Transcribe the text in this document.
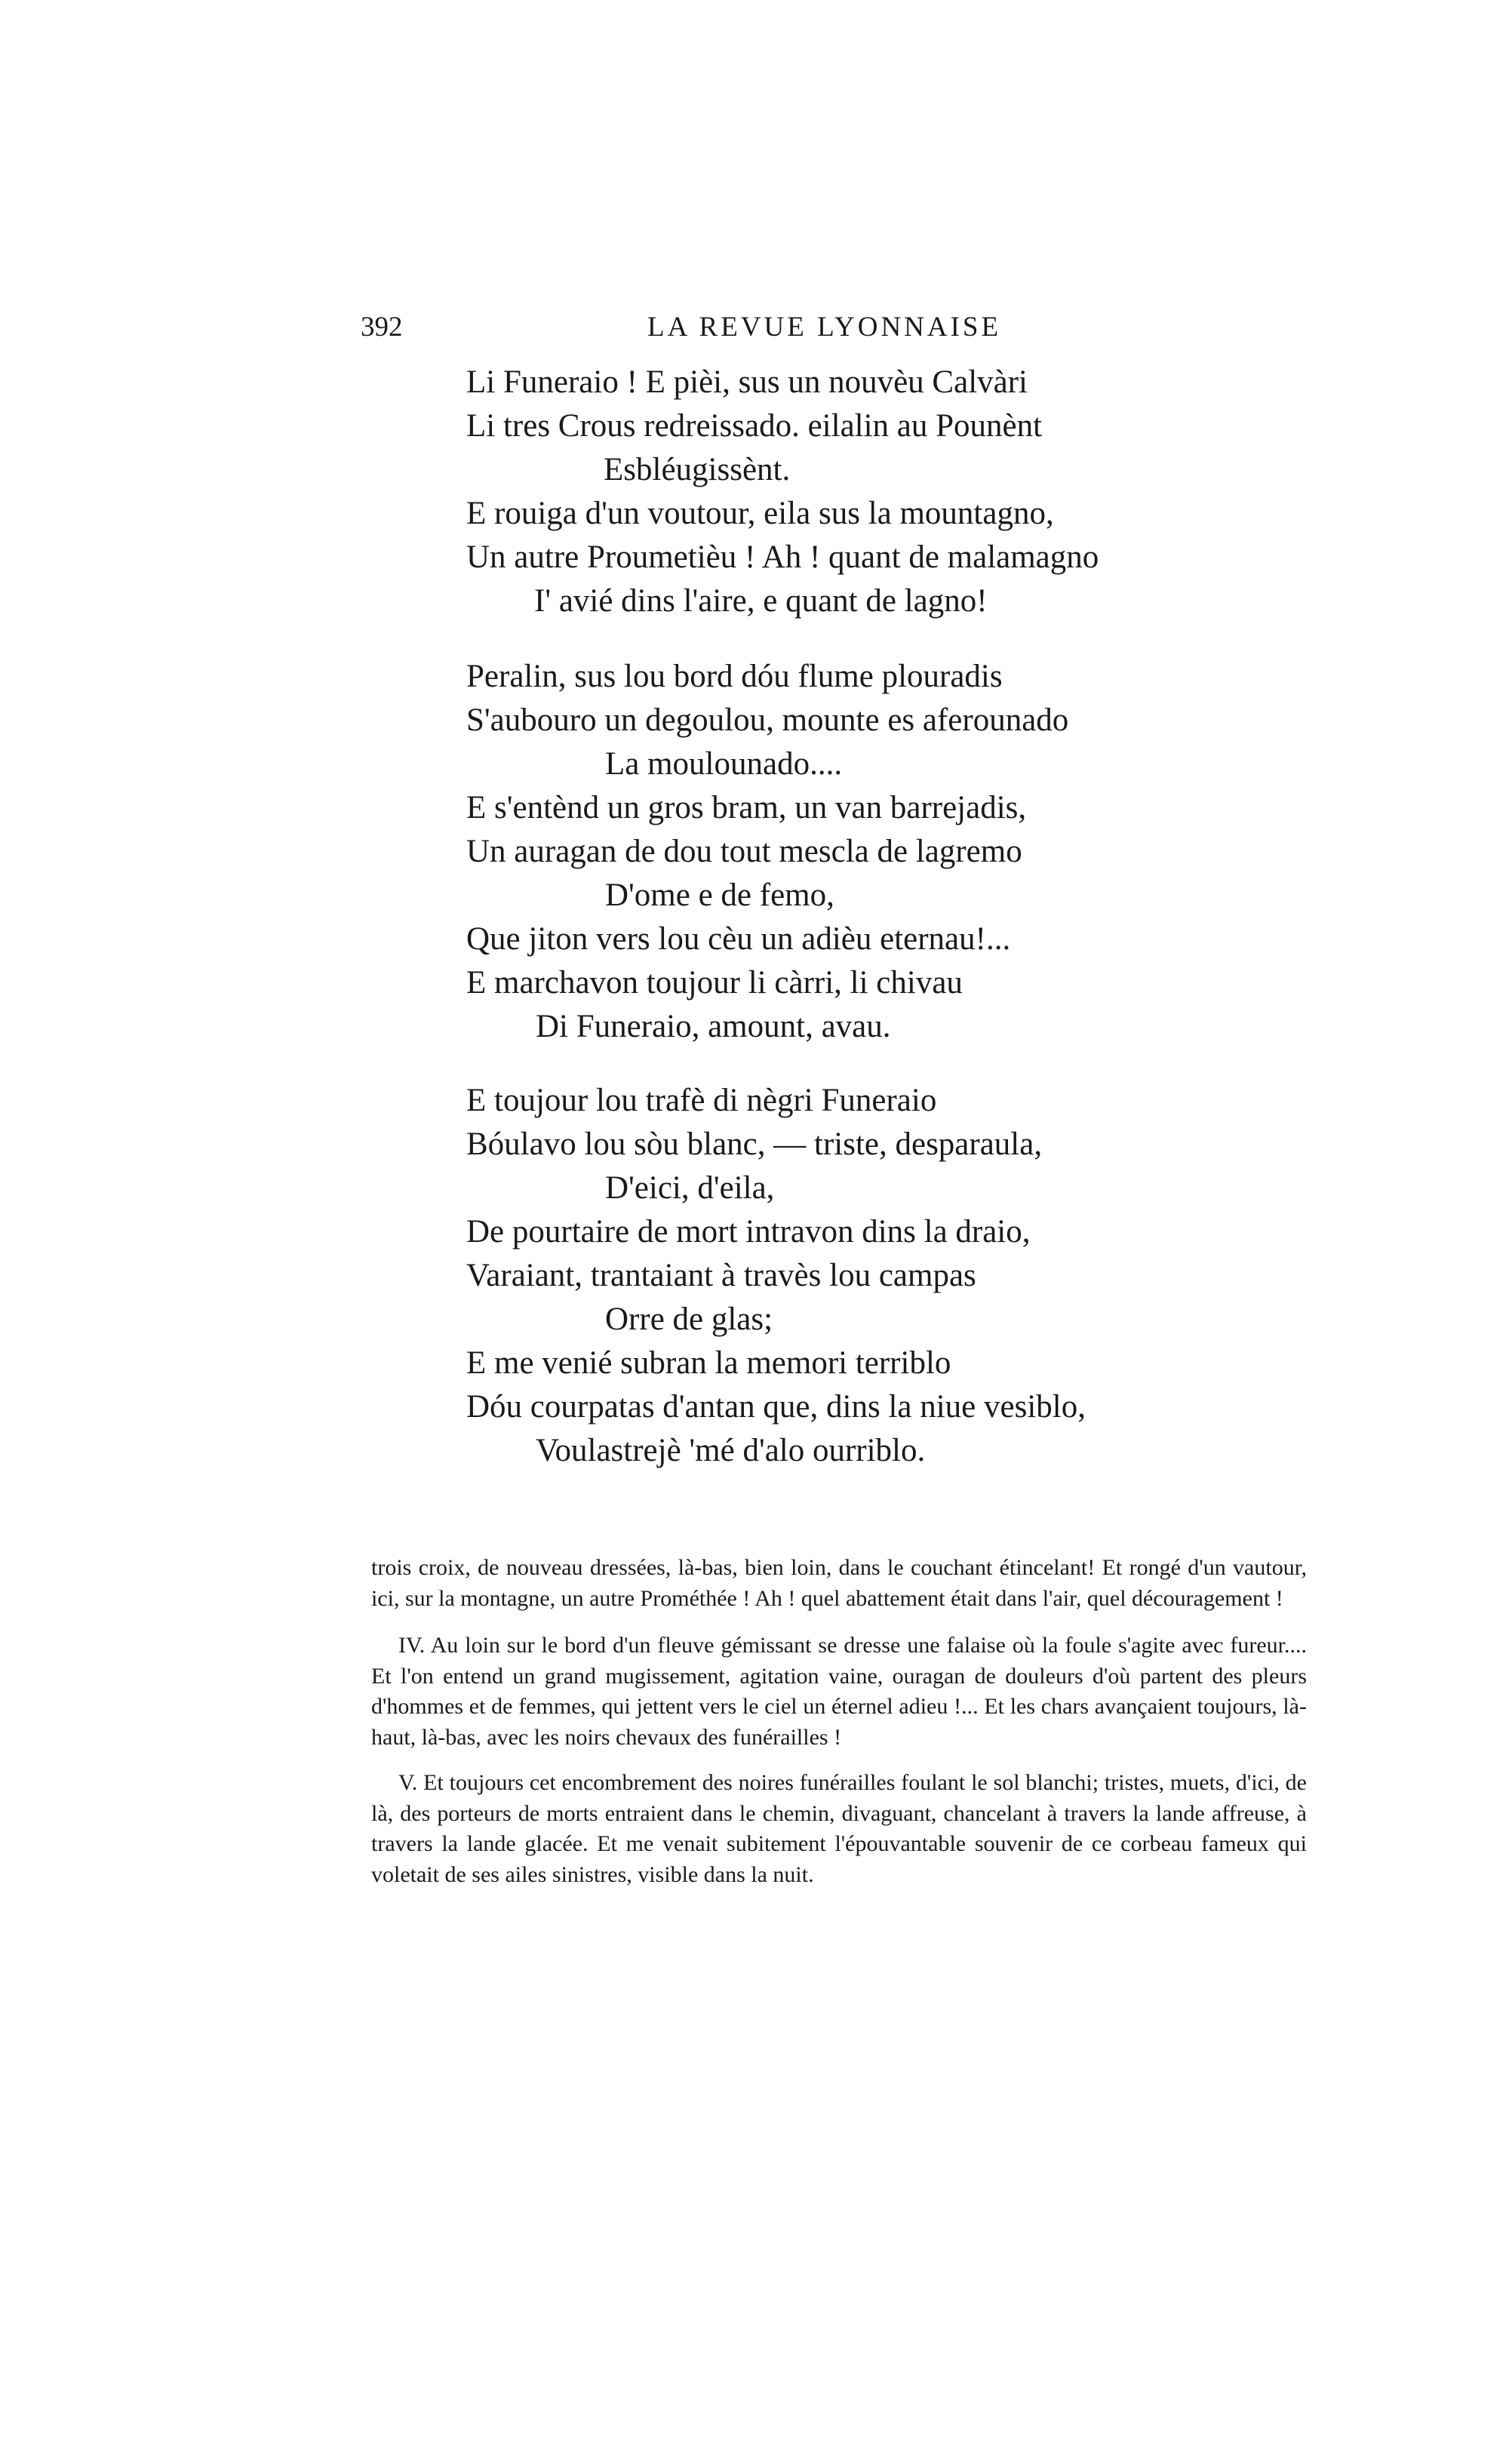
392	LA REVUE LYONNAISE
Li Funeraio ! E pièi, sus un nouvèu Calvàri
Li tres Crous redreissado. eilalin au Pounènt
Esbléugissènt.
E rouiga d'un voutour, eila sus la mountagno,
Un autre Proumetièu ! Ah ! quant de malamagno
I' avié dins l'aire, e quant de lagno!
Peralin, sus lou bord dóu flume plouradis
S'aubouro un degoulou, mounte es aferounado
La moulounado....
E s'entènd un gros bram, un van barrejadis,
Un auragan de dou tout mescla de lagremo
D'ome e de femo,
Que jiton vers lou cèu un adièu eternau!...
E marchavon toujour li càrri, li chivau
Di Funeraio, amount, avau.
E toujour lou trafè di nègri Funeraio
Bóulavo lou sòu blanc, — triste, desparaula,
D'eici, d'eila,
De pourtaire de mort intravon dins la draio,
Varaiant, trantaiant à travès lou campas
Orre de glas;
E me venié subran la memori terriblo
Dóu courpatas d'antan que, dins la niue vesiblo,
Voulastrejè 'mé d'alo ourriblo.

trois croix, de nouveau dressées, là-bas, bien loin, dans le couchant étincelant! Et rongé d'un vautour, ici, sur la montagne, un autre Prométhée ! Ah ! quel abattement était dans l'air, quel découragement !

IV. Au loin sur le bord d'un fleuve gémissant se dresse une falaise où la foule s'agite avec fureur.... Et l'on entend un grand mugissement, agitation vaine, ouragan de douleurs d'où partent des pleurs d'hommes et de femmes, qui jettent vers le ciel un éternel adieu !... Et les chars avançaient toujours, là-haut, là-bas, avec les noirs chevaux des funérailles !

V. Et toujours cet encombrement des noires funérailles foulant le sol blanchi; tristes, muets, d'ici, de là, des porteurs de morts entraient dans le chemin, divaguant, chancelant à travers la lande affreuse, à travers la lande glacée. Et me venait subitement l'épouvantable souvenir de ce corbeau fameux qui voletait de ses ailes sinistres, visible dans la nuit.
